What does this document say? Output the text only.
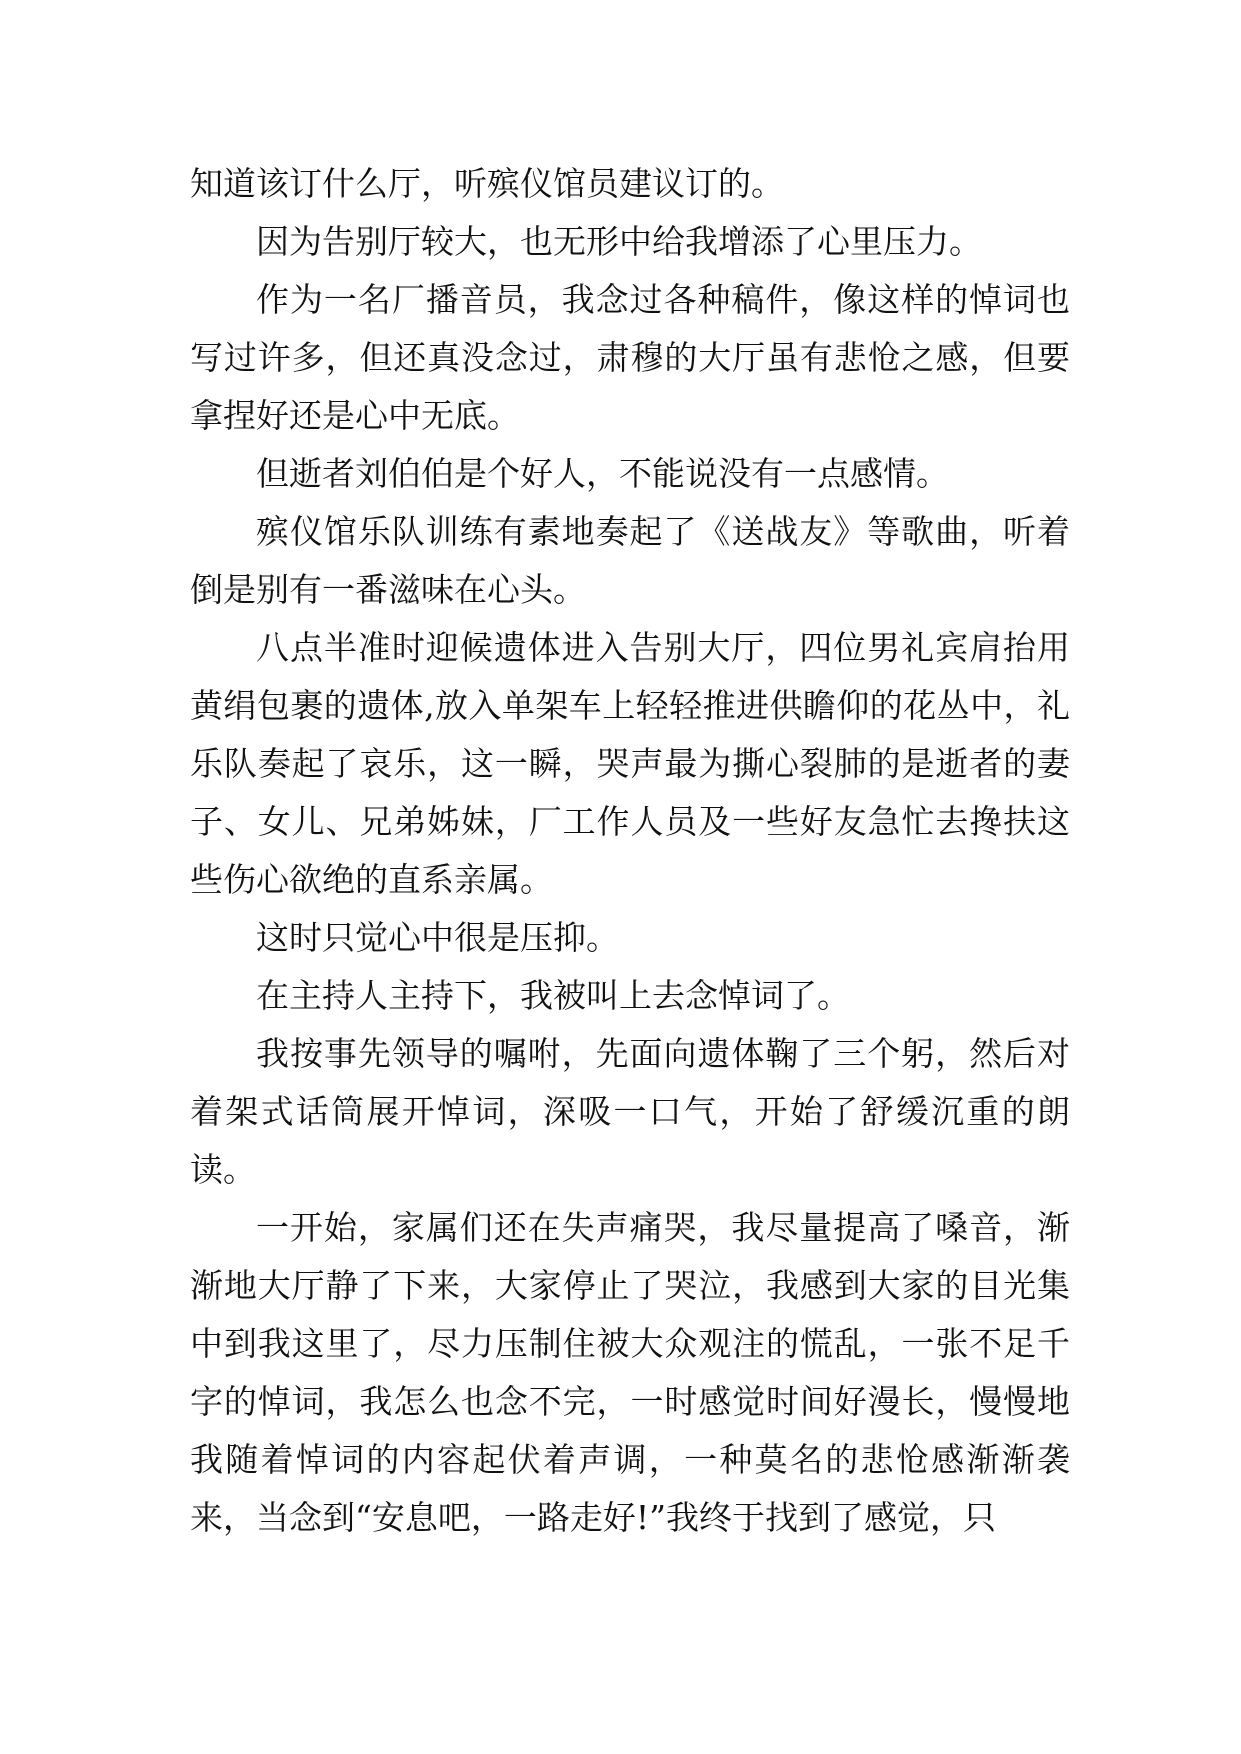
知道该订什么厅，听殡仪馆员建议订的。

因为告别厅较大，也无形中给我增添了心里压力。

作为一名厂播音员，我念过各种稿件，像这样的悼词也写过许多，但还真没念过，肃穆的大厅虽有悲怆之感，但要拿捏好还是心中无底。

但逝者刘伯伯是个好人，不能说没有一点感情。

殡仪馆乐队训练有素地奏起了《送战友》等歌曲，听着倒是别有一番滋味在心头。

八点半准时迎候遗体进入告别大厅，四位男礼宾肩抬用黄绢包裹的遗体,放入单架车上轻轻推进供瞻仰的花丛中，礼乐队奏起了哀乐，这一瞬，哭声最为撕心裂肺的是逝者的妻子、女儿、兄弟姊妹，厂工作人员及一些好友急忙去搀扶这些伤心欲绝的直系亲属。

这时只觉心中很是压抑。

在主持人主持下，我被叫上去念悼词了。

我按事先领导的嘱咐，先面向遗体鞠了三个躬，然后对着架式话筒展开悼词，深吸一口气，开始了舒缓沉重的朗读。

一开始，家属们还在失声痛哭，我尽量提高了嗓音，渐渐地大厅静了下来，大家停止了哭泣，我感到大家的目光集中到我这里了，尽力压制住被大众观注的慌乱，一张不足千字的悼词，我怎么也念不完，一时感觉时间好漫长，慢慢地我随着悼词的内容起伏着声调，一种莫名的悲怆感渐渐袭来，当念到“安息吧，一路走好!”我终于找到了感觉，只
